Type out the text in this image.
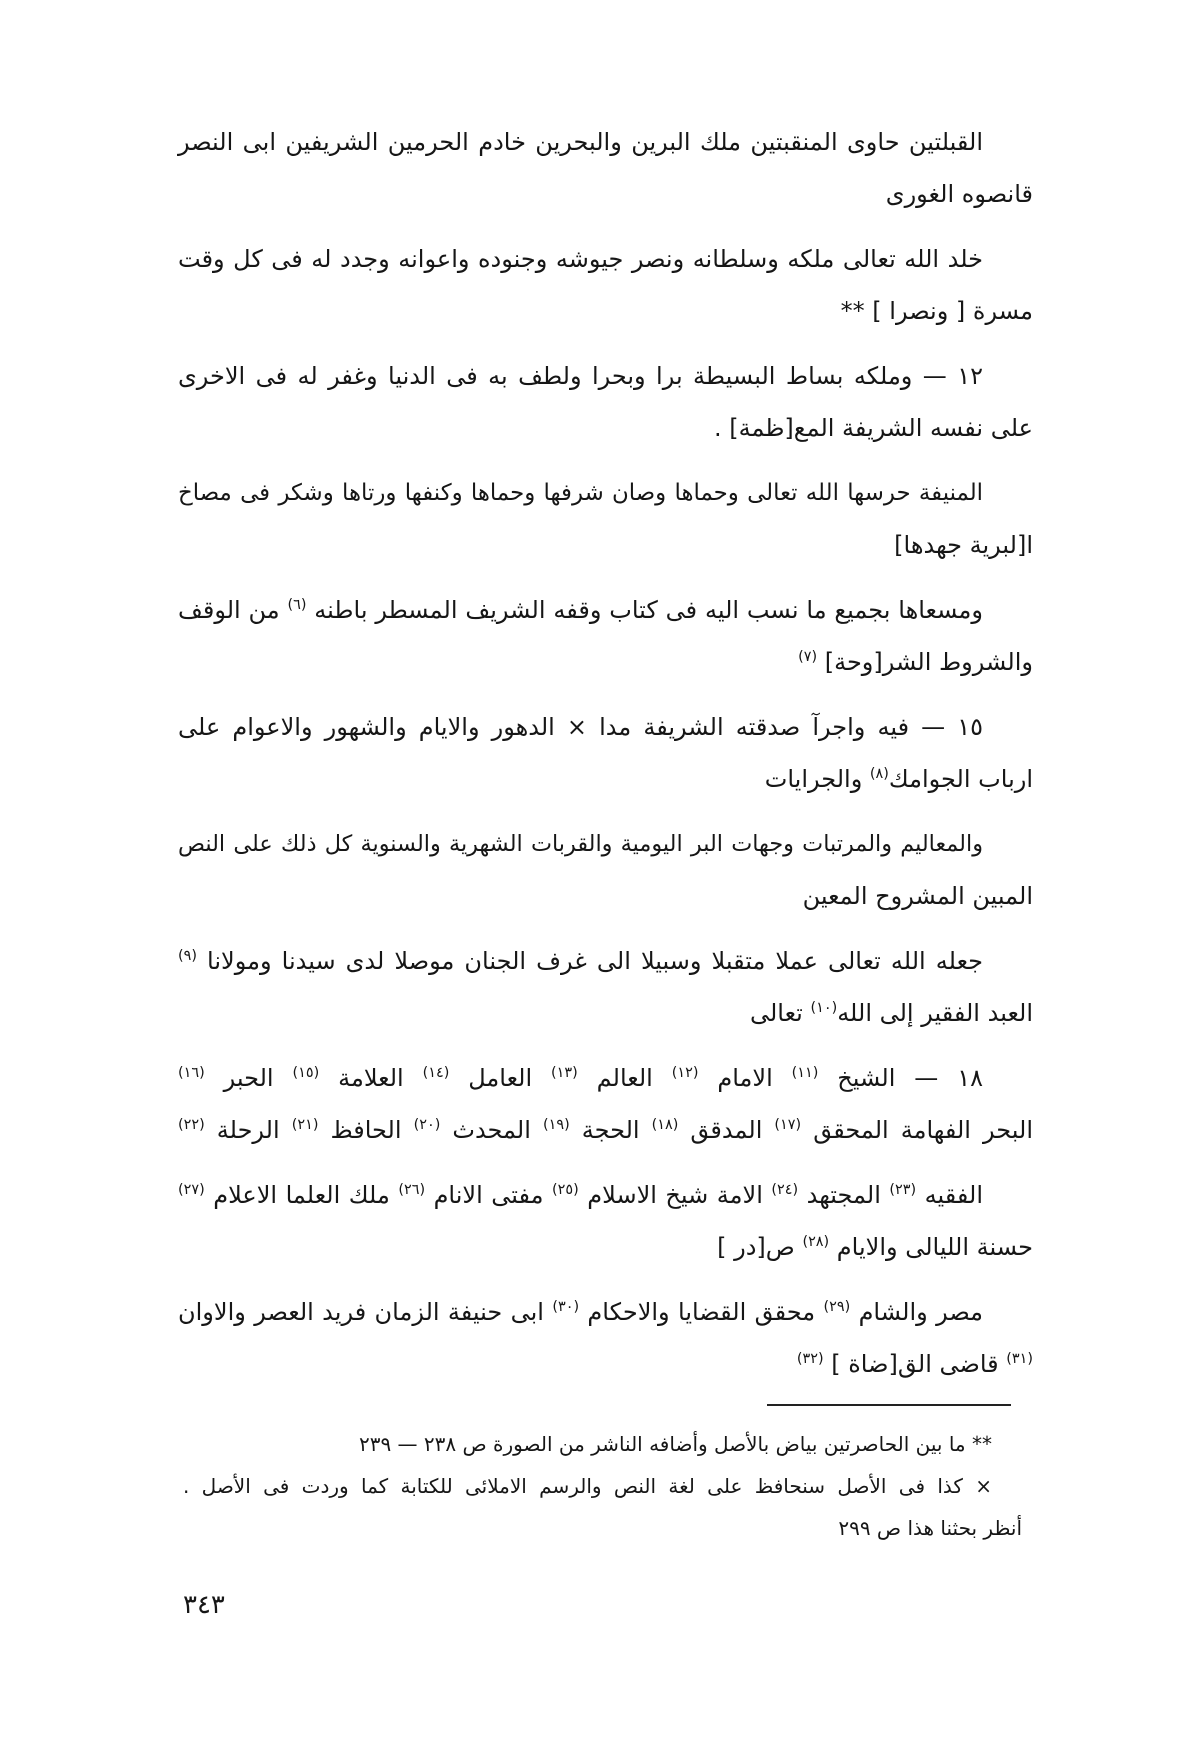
القبلتين حاوى المنقبتين ملك البرين والبحرين خادم الحرمين الشريفين ابى النصر
قانصوه الغورى
خلد الله تعالى ملكه وسلطانه ونصر جيوشه وجنوده واعوانه وجدد له فى كل وقت
مسرة [ ونصرا ] **
١٢ — وملكه بساط البسيطة برا وبحرا ولطف به فى الدنيا وغفر له فى الاخرى
على نفسه الشريفة المع[ظمة] .
المنيفة حرسها الله تعالى وحماها وصان شرفها وحماها وكنفها ورتاها وشكر فى مصاخ
ا[لبرية جهدها]
ومسعاها بجميع ما نسب اليه فى كتاب وقفه الشريف المسطر باطنه $^{(٦)}$ من الوقف
والشروط الشر[وحة] $^{(٧)}$
١٥ — فيه واجرآ صدقته الشريفة مدا × الدهور والايام والشهور والاعوام على
ارباب الجوامك$^{(٨)}$ والجرايات
والمعاليم والمرتبات وجهات البر اليومية والقربات الشهرية والسنوية كل ذلك على النص
المبين المشروح المعين
جعله الله تعالى عملا متقبلا وسبيلا الى غرف الجنان موصلا لدى سيدنا ومولانا $^{(٩)}$
العبد الفقير إلى الله$^{(١٠)}$ تعالى
١٨ — الشيخ $^{(١١)}$ الامام $^{(١٢)}$ العالم $^{(١٣)}$ العامل $^{(١٤)}$ العلامة $^{(١٥)}$ الحبر $^{(١٦)}$
البحر الفهامة المحقق $^{(١٧)}$ المدقق $^{(١٨)}$ الحجة $^{(١٩)}$ المحدث $^{(٢٠)}$ الحافظ $^{(٢١)}$ الرحلة $^{(٢٢)}$
الفقيه $^{(٢٣)}$ المجتهد $^{(٢٤)}$ الامة شيخ الاسلام $^{(٢٥)}$ مفتى الانام $^{(٢٦)}$ ملك العلما الاعلام $^{(٢٧)}$
حسنة الليالى والايام $^{(٢٨)}$ ص[در ]
مصر والشام $^{(٢٩)}$ محقق القضايا والاحكام $^{(٣٠)}$ ابى حنيفة الزمان فريد العصر والاوان
$^{(٣١)}$ قاضى الق[ضاة ] $^{(٣٢)}$
** ما بين الحاصرتين بياض بالأصل وأضافه الناشر من الصورة ص ٢٣٨ — ٢٣٩
× كذا فى الأصل سنحافظ على لغة النص والرسم الاملائى للكتابة كما وردت فى الأصل .
أنظر بحثنا هذا ص ٢٩٩
٣٤٣
